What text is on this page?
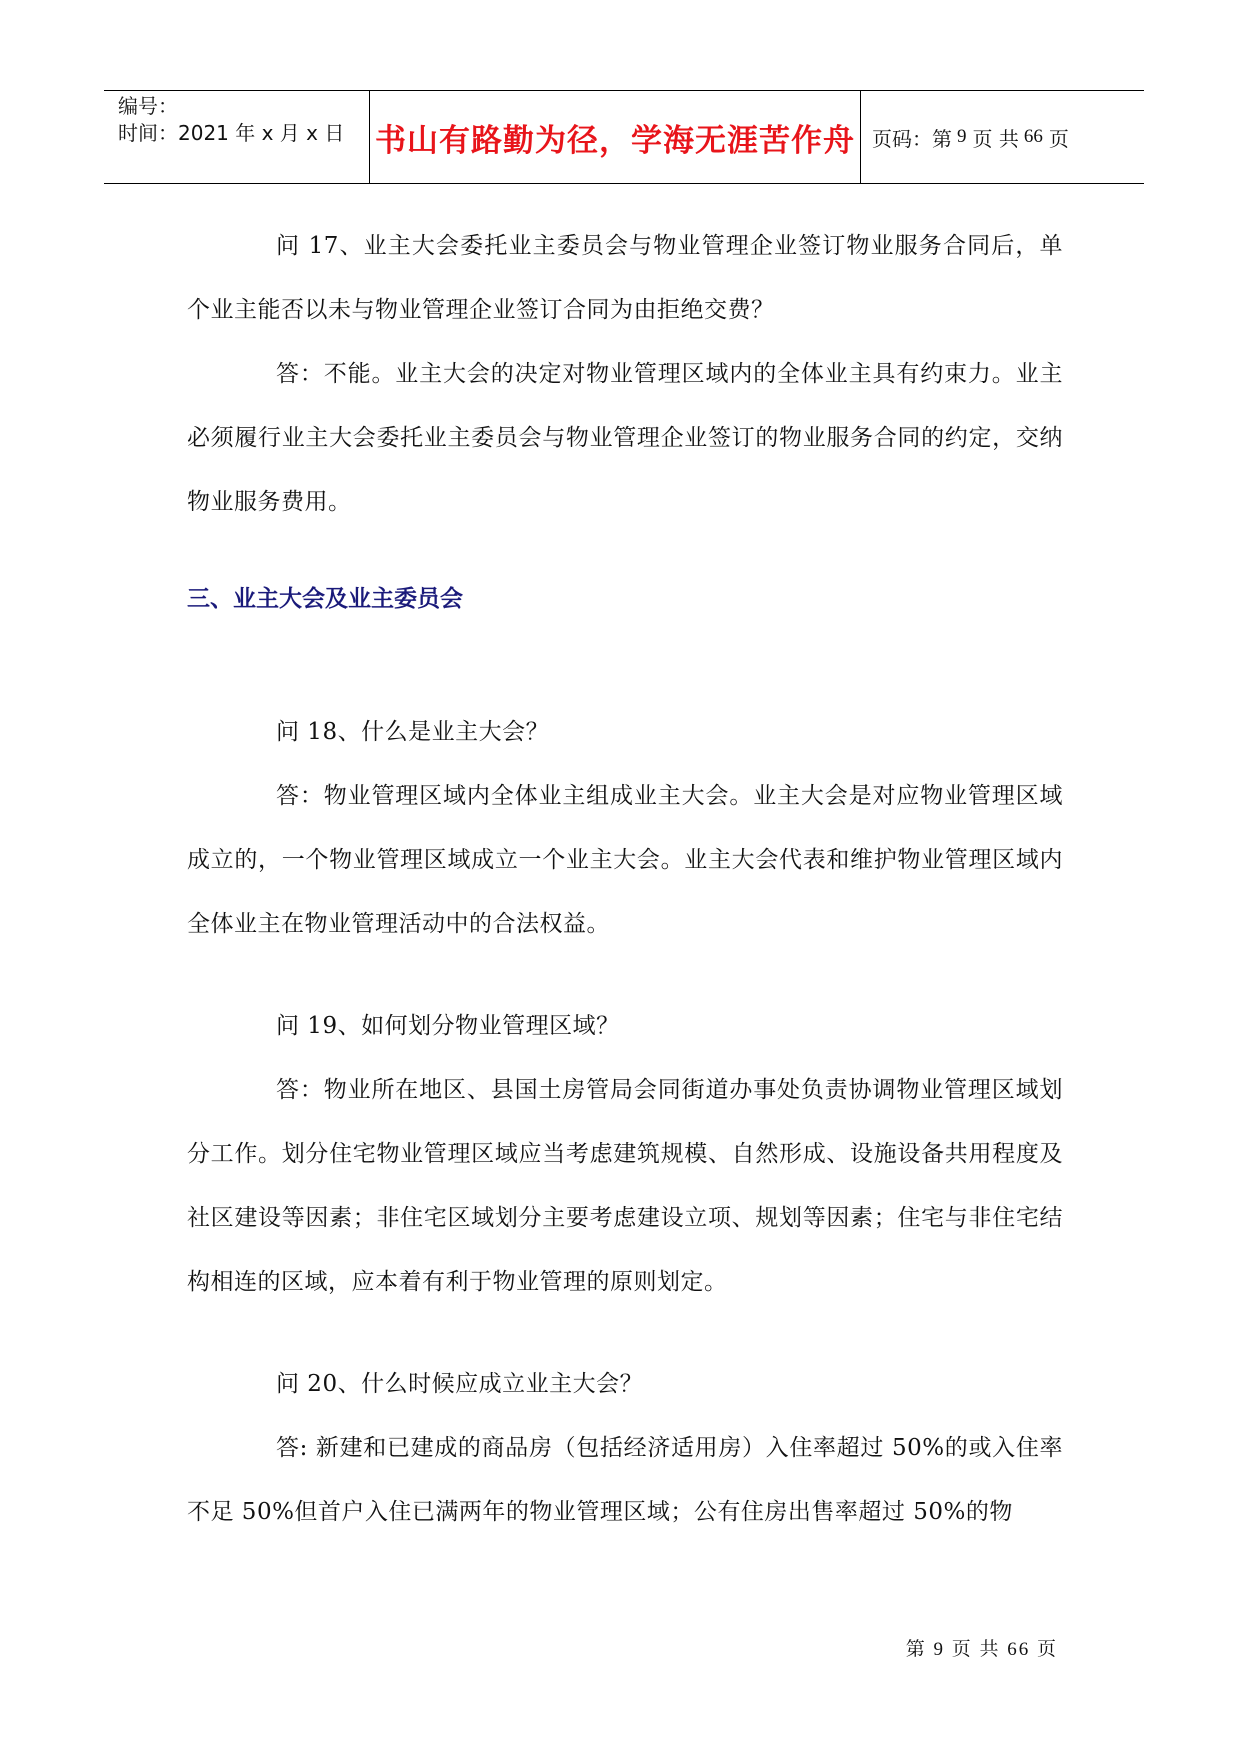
编号：
时间：2021 年 x 月 x 日 书山有路勤为径，学海无涯苦作舟 页码：第 9 页 共 66 页
问 17、业主大会委托业主委员会与物业管理企业签订物业服务合同后，单个业主能否以未与物业管理企业签订合同为由拒绝交费？
答：不能。业主大会的决定对物业管理区域内的全体业主具有约束力。业主必须履行业主大会委托业主委员会与物业管理企业签订的物业服务合同的约定，交纳物业服务费用。
三、业主大会及业主委员会
问 18、什么是业主大会？
答：物业管理区域内全体业主组成业主大会。业主大会是对应物业管理区域成立的，一个物业管理区域成立一个业主大会。业主大会代表和维护物业管理区域内全体业主在物业管理活动中的合法权益。
问 19、如何划分物业管理区域？
答：物业所在地区、县国土房管局会同街道办事处负责协调物业管理区域划分工作。划分住宅物业管理区域应当考虑建筑规模、自然形成、设施设备共用程度及社区建设等因素；非住宅区域划分主要考虑建设立项、规划等因素；住宅与非住宅结构相连的区域，应本着有利于物业管理的原则划定。
问 20、什么时候应成立业主大会？
答: 新建和已建成的商品房（包括经济适用房）入住率超过 50%的或入住率不足 50%但首户入住已满两年的物业管理区域；公有住房出售率超过 50%的物
第 9 页 共 66 页
